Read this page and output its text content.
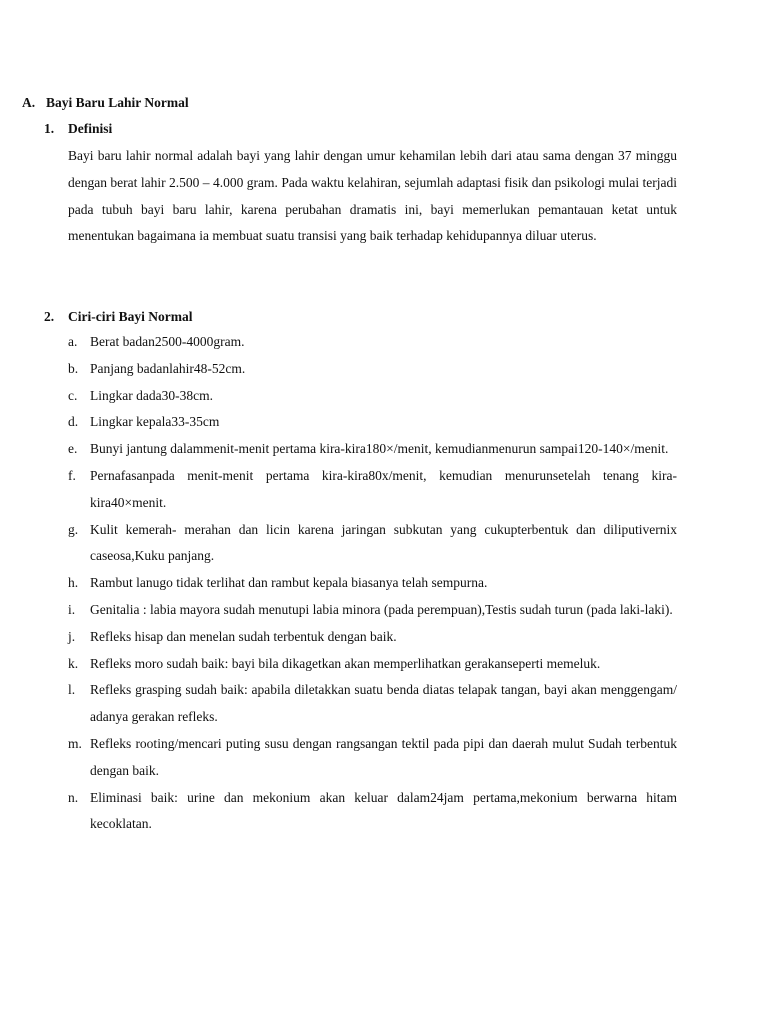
A. Bayi Baru Lahir Normal
1. Definisi

Bayi baru lahir normal adalah bayi yang lahir dengan umur kehamilan lebih dari atau sama dengan 37 minggu dengan berat lahir 2.500 – 4.000 gram. Pada waktu kelahiran, sejumlah adaptasi fisik dan psikologi mulai terjadi pada tubuh bayi baru lahir, karena perubahan dramatis ini, bayi memerlukan pemantauan ketat untuk menentukan bagaimana ia membuat suatu transisi yang baik terhadap kehidupannya diluar uterus.

2. Ciri-ciri Bayi Normal
a. Berat badan2500-4000gram.
b. Panjang badanlahir48-52cm.
c. Lingkar dada30-38cm.
d. Lingkar kepala33-35cm
e. Bunyi jantung dalammenit-menit pertama kira-kira180×/menit, kemudianmenurun sampai120-140×/menit.
f. Pernafasanpada menit-menit pertama kira-kira80x/menit, kemudian menurunsetelah tenang kira-kira40×menit.
g. Kulit kemerah- merahan dan licin karena jaringan subkutan yang cukupterbentuk dan diliputivernix caseosa,Kuku panjang.
h. Rambut lanugo tidak terlihat dan rambut kepala biasanya telah sempurna.
i. Genitalia : labia mayora sudah menutupi labia minora (pada perempuan),Testis sudah turun (pada laki-laki).
j. Refleks hisap dan menelan sudah terbentuk dengan baik.
k. Refleks moro sudah baik: bayi bila dikagetkan akan memperlihatkan gerakanseperti memeluk.
l. Refleks grasping sudah baik: apabila diletakkan suatu benda diatas telapak tangan, bayi akan menggengam/ adanya gerakan refleks.
m. Refleks rooting/mencari puting susu dengan rangsangan tektil pada pipi dan daerah mulut Sudah terbentuk dengan baik.
n. Eliminasi baik: urine dan mekonium akan keluar dalam24jam pertama,mekonium berwarna hitam kecoklatan.
